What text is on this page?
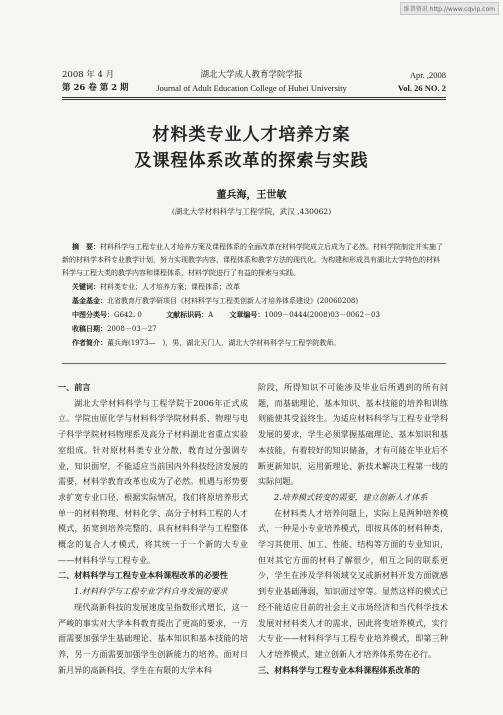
维普资讯 http://www.cqvip.com
2008 年 4 月
第 26 卷 第 2 期
湖北大学成人教育学院学报
Journal of Adult Education College of Hubei University
Apr. ,2008
Vol. 26 NO. 2
材料类专业人才培养方案
及课程体系改革的探索与实践
董兵海，王世敏
(湖北大学材料科学与工程学院，武汉 ,430062)

摘　要：材料科学与工程专业人才培养方案及课程体系的全面改革在材料学院成立后成为了必然。材料学院制定并实施了新的材料学本科专业教学计划，努力实现教学内容、课程体系和教学方法的现代化。为构建和形成具有湖北大学特色的材料科学与工程大类的教学内容和课程体系，材料学院进行了有益的探索与实践。

关键词：材料类专业；人才培养方案；课程体系；改革

基金基金：北省教育厅教学研项目《材料科学与工程类创新人才培养体系建设》(20060208)

中图分类号：G642. 0	文献标识码：A 文章编号：1009－0444(2008)03－0062－03

收稿日期：2008－03－27

作者简介：董兵海(1973—　)，男，湖北天门人，湖北大学材料科学与工程学院教师。

一、前言

湖北大学材料科学与工程学院于2006年正式成立。学院由原化学与材料科学学院材料系、物理与电子科学学院材料物理系及高分子材料湖北省重点实验室组成。针对原材料类专业分散，教育过分强调专业，知识面窄，不能适应当前国内外科技经济发展的需要，材料学教育改革也成为了必然。机遇与形势要求扩宽专业口径，根据实际情况，我们将原培养形式单一的材料物理、材料化学、高分子材料工程的人才模式，拓宽到培养完整的、具有材料科学与工程整体概念的复合人才模式，将其统一于一个新的大专业——材料科学与工程专业。

二、材料科学与工程专业本科课程改革的必要性

1.材料科学与工程专业学科自身发展的要求

现代高新科技的发展速度呈指数形式增长，这一严峻的事实对大学本科教育提出了更高的要求，一方面需要加强学生基础理论、基本知识和基本技能的培养，另一方面需要加强学生创新能力的培养。面对日新月异的高新科技，学生在有限的大学本科

阶段，所得知识不可能涉及毕业后所遇到的所有问题，而基础理论、基本知识、基本技能的培养和训练则能使其受益终生。为适应材料科学与工程专业学科发展的要求，学生必须掌握基础理论、基本知识和基本技能，有着较好的知识储备，才有可能在毕业后不断更新知识，运用新理论、新技术解决工程第一线的实际问题。

2.培养模式转变的需要，建立创新人才体系

在材料类人才培养问题上，实际上是两种培养模式，一种是小专业培养模式，即按具体的材料种类，学习其使用、加工、性能、结构等方面的专业知识，但对其它方面的材料了解很少，相互之间的联系更少，学生在涉及学科领域交叉或新材料开发方面就感到专业基础薄弱，知识面过窄等。显然这样的模式已经不能适应目前的社会主义市场经济和当代科学技术发展对材料类人才的需求，因此将变培养模式，实行大专业——材料科学与工程专业培养模式，即第三种人才培养模式，建立创新人才培养体系势在必行。

三、材料科学与工程专业本科课程体系改革的
